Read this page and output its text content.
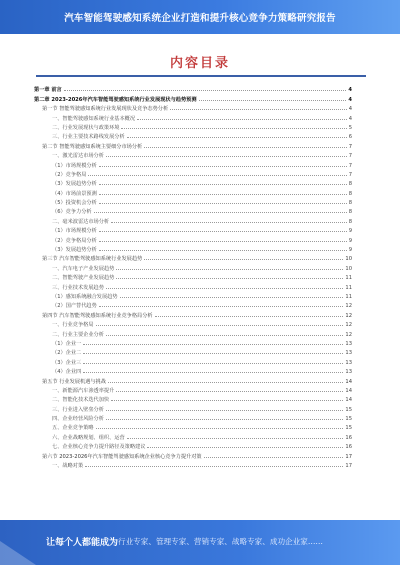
汽车智能驾驶感知系统企业打造和提升核心竞争力策略研究报告
内容目录
第一章 前言	4
第二章 2023-2026年汽车智能驾驶感知系统行业发展现状与趋势预测	4
第一节 智能驾驶感知系统行业发展现状及竞争态势分析	4
一、智能驾驶感知系统行业基本概况	4
二、行业发展现状与政策环境	5
三、行业主要技术路线发展分析	6
第二节 智能驾驶感知系统主要细分市场分析	7
一、激光雷达市场分析	7
（1）市场规模分析	7
（2）竞争格局	7
（3）发展趋势分析	8
（4）市场前景预测	8
（5）投资机会分析	8
（6）竞争力分析	8
二、毫米波雷达市场分析	8
（1）市场规模分析	9
（2）竞争格局分析	9
（3）发展趋势分析	9
第三节 汽车智能驾驶感知系统行业发展趋势	10
一、汽车电子产业发展趋势	10
二、智能驾驶产业发展趋势	11
三、行业技术发展趋势	11
（1）感知系统融合发展趋势	11
（2）国产替代趋势	12
第四节 汽车智能驾驶感知系统行业竞争格局分析	12
一、行业竞争格局	12
二、行业主要企业分析	12
（1）企业一	13
（2）企业二	13
（3）企业三	13
（4）企业四	13
第五节 行业发展机遇与挑战	14
一、新能源汽车渗透率提升	14
二、智能化技术迭代加快	14
三、行业进入壁垒分析	15
四、企业经营风险分析	15
五、企业竞争策略	15
六、企业战略规划、组织、运营	16
七、企业核心竞争力提升路径及策略建议	16
第六节 2023-2026年汽车智能驾驶感知系统企业核心竞争力提升对策	17
一、战略对策	17
让每个人都能成为 行业专家、管理专家、营销专家、战略专家、成功企业家……
